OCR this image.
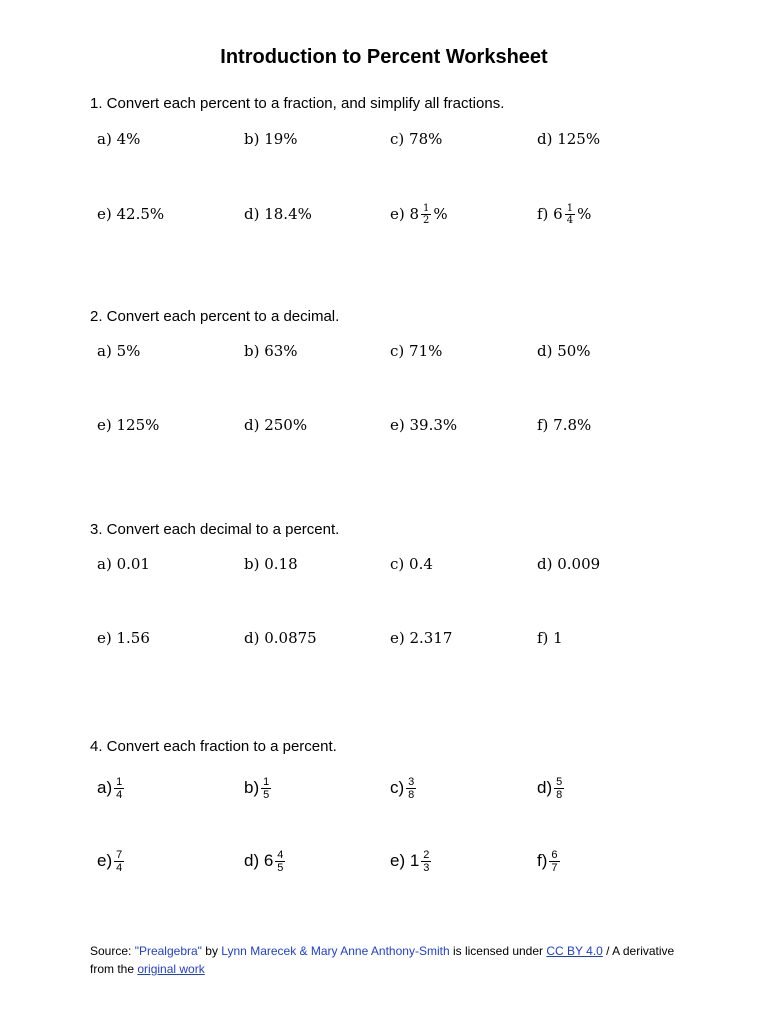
Introduction to Percent Worksheet
1. Convert each percent to a fraction, and simplify all fractions.
a) 4%	b) 19%	c) 78%	d) 125%
e) 42.5%	d) 18.4%	e) $8 \frac{1}{2}$ %	f) $6 \frac{1}{4}$ %
2. Convert each percent to a decimal.
a) 5%	b) 63%	c) 71%	d) 50%
e) 125%	d) 250%	e) 39.3%	f) 7.8%
3. Convert each decimal to a percent.
a) 0.01	b) 0.18	c) 0.4	d) 0.009
e) 1.56	d) 0.0875	e) 2.317	f) 1
4. Convert each fraction to a percent.
$a) \frac{1}{4}$	$b) \frac{1}{5}$	$c) \frac{3}{8}$	$d) \frac{5}{8}$
$e) \frac{7}{4}$	d) $6 \frac{4}{5}$	e) $1 \frac{2}{3}$	$f) \frac{6}{7}$
Source: "Prealgebra" by Lynn Marecek & Mary Anne Anthony-Smith is licensed under CC BY 4.0 / A derivative from the original work
